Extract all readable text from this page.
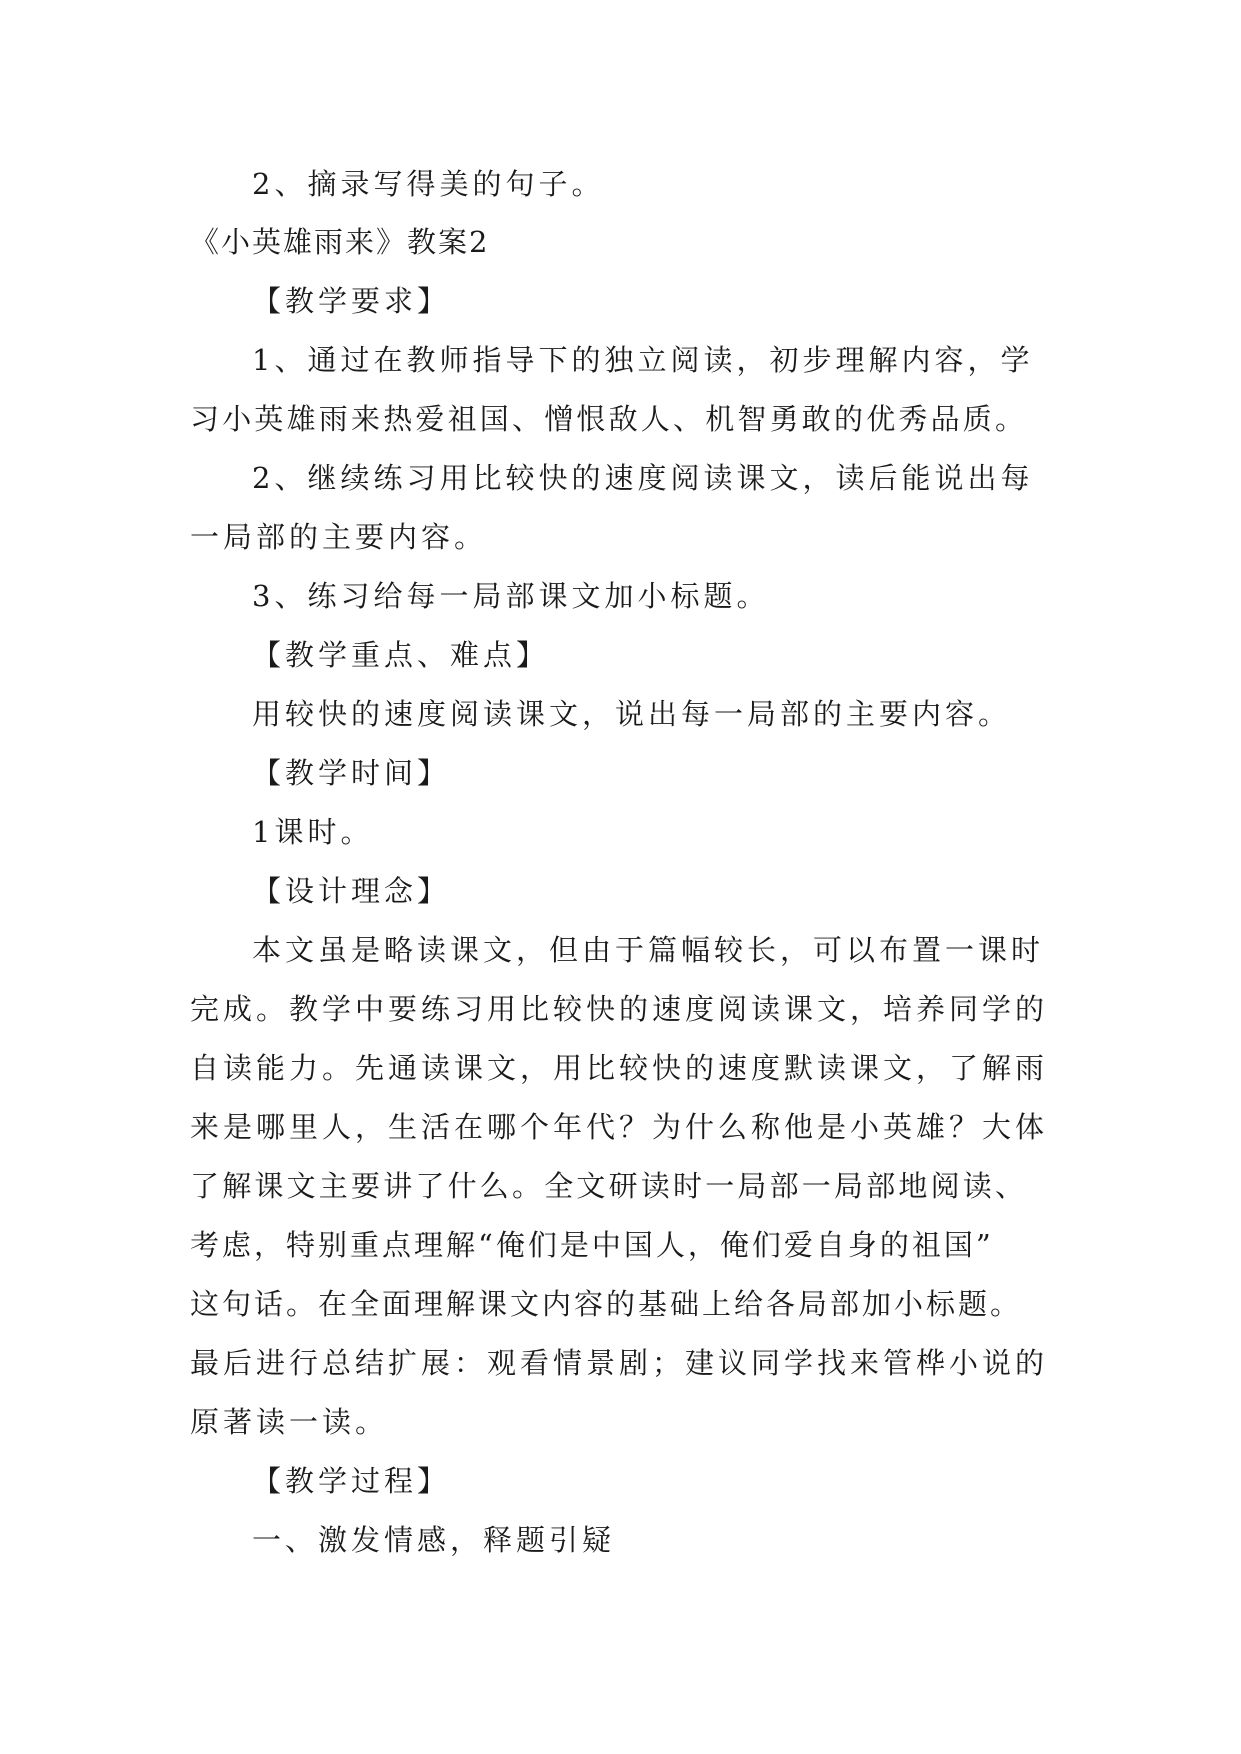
2、摘录写得美的句子。
《小英雄雨来》教案2
【教学要求】
1、通过在教师指导下的独立阅读，初步理解内容，学
习小英雄雨来热爱祖国、憎恨敌人、机智勇敢的优秀品质。
2、继续练习用比较快的速度阅读课文，读后能说出每
一局部的主要内容。
3、练习给每一局部课文加小标题。
【教学重点、难点】
用较快的速度阅读课文，说出每一局部的主要内容。
【教学时间】
1课时。
【设计理念】
本文虽是略读课文，但由于篇幅较长，可以布置一课时
完成。教学中要练习用比较快的速度阅读课文，培养同学的
自读能力。先通读课文，用比较快的速度默读课文，了解雨
来是哪里人，生活在哪个年代？为什么称他是小英雄？大体
了解课文主要讲了什么。全文研读时一局部一局部地阅读、
考虑，特别重点理解“俺们是中国人，俺们爱自身的祖国”
这句话。在全面理解课文内容的基础上给各局部加小标题。
最后进行总结扩展：观看情景剧；建议同学找来管桦小说的
原著读一读。
【教学过程】
一、激发情感，释题引疑
